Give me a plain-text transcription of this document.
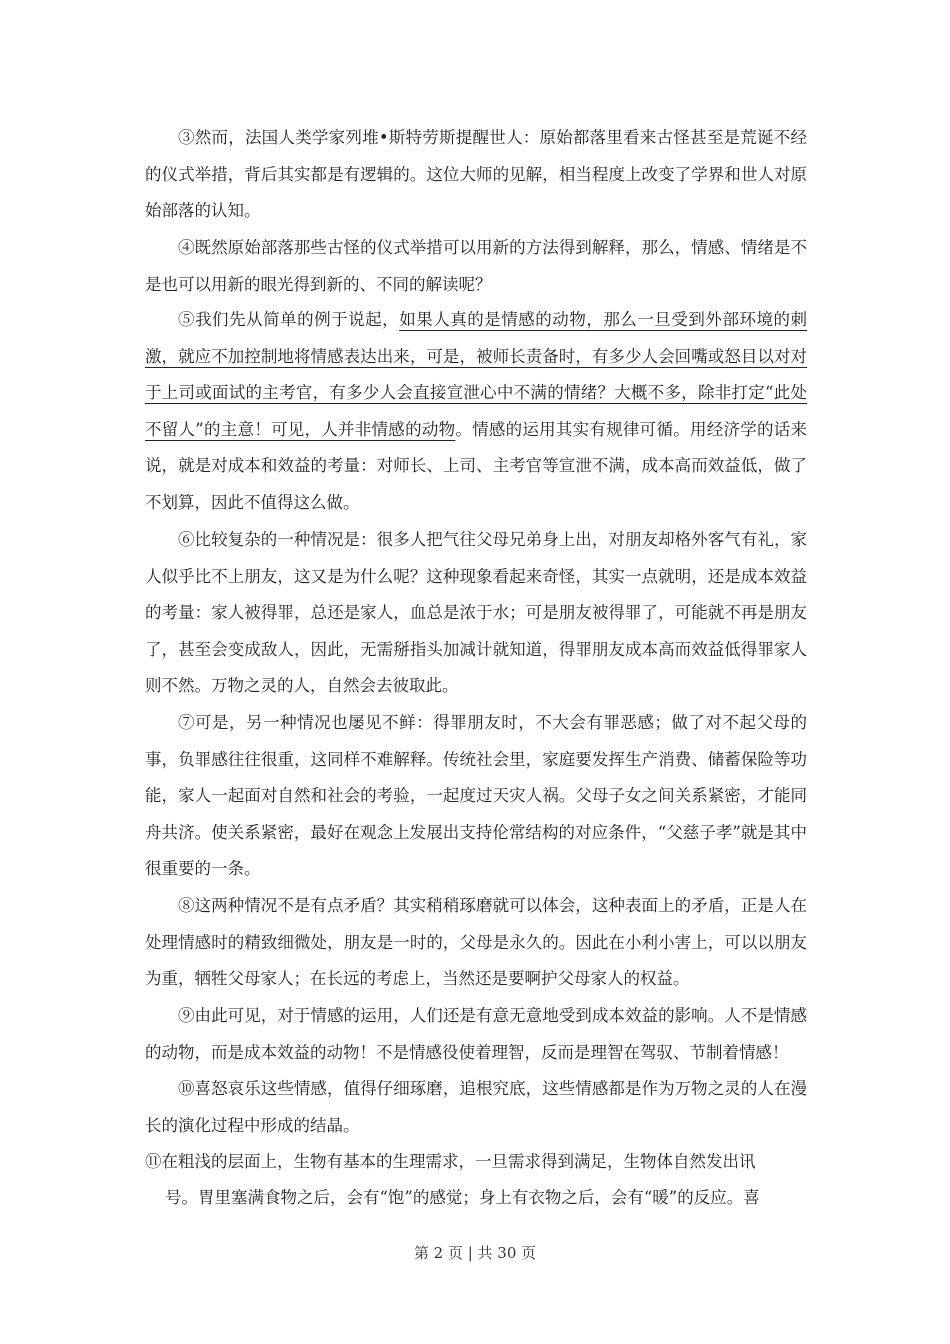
③然而，法国人类学家列堆•斯特劳斯提醒世人：原始都落里看来古怪甚至是荒诞不经的仪式举措，背后其实都是有逻辑的。这位大师的见解，相当程度上改变了学界和世人对原始部落的认知。

④既然原始部落那些古怪的仪式举措可以用新的方法得到解释，那么，情感、情绪是不是也可以用新的眼光得到新的、不同的解读呢？

⑤我们先从简单的例于说起，如果人真的是情感的动物，那么一旦受到外部环境的刺激，就应不加控制地将情感表达出来，可是，被师长责备时，有多少人会回嘴或怒目以对对于上司或面试的主考官，有多少人会直接宣泄心中不满的情绪？大概不多，除非打定“此处不留人”的主意！可见，人并非情感的动物。情感的运用其实有规律可循。用经济学的话来说，就是对成本和效益的考量：对师长、上司、主考官等宣泄不满，成本高而效益低，做了不划算，因此不值得这么做。

⑥比较复杂的一种情况是：很多人把气往父母兄弟身上出，对朋友却格外客气有礼，家人似乎比不上朋友，这又是为什么呢？这种现象看起来奇怪，其实一点就明，还是成本效益的考量：家人被得罪，总还是家人，血总是浓于水；可是朋友被得罪了，可能就不再是朋友了，甚至会变成敌人，因此，无需掰指头加减计就知道，得罪朋友成本高而效益低得罪家人则不然。万物之灵的人，自然会去彼取此。

⑦可是，另一种情况也屡见不鲜：得罪朋友时，不大会有罪恶感；做了对不起父母的事，负罪感往往很重，这同样不难解释。传统社会里，家庭要发挥生产消费、储蓄保险等功能，家人一起面对自然和社会的考验，一起度过天灾人祸。父母子女之间关系紧密，才能同舟共济。使关系紧密，最好在观念上发展出支持伦常结构的对应条件，“父慈子孝”就是其中很重要的一条。

⑧这两种情况不是有点矛盾？其实稍稍琢磨就可以体会，这种表面上的矛盾，正是人在处理情感时的精致细微处，朋友是一时的，父母是永久的。因此在小利小害上，可以以朋友为重，牺牲父母家人；在长远的考虑上，当然还是要啊护父母家人的权益。

⑨由此可见，对于情感的运用，人们还是有意无意地受到成本效益的影响。人不是情感的动物，而是成本效益的动物！不是情感役使着理智，反而是理智在驾驭、节制着情感！

⑩喜怒哀乐这些情感，值得仔细琢磨，追根究底，这些情感都是作为万物之灵的人在漫长的演化过程中形成的结晶。

⑪在粗浅的层面上，生物有基本的生理需求，一旦需求得到满足，生物体自然发出讯

号。胃里塞满食物之后，会有“饱”的感觉；身上有衣物之后，会有“暖”的反应。喜

第 2 页 | 共 30 页
